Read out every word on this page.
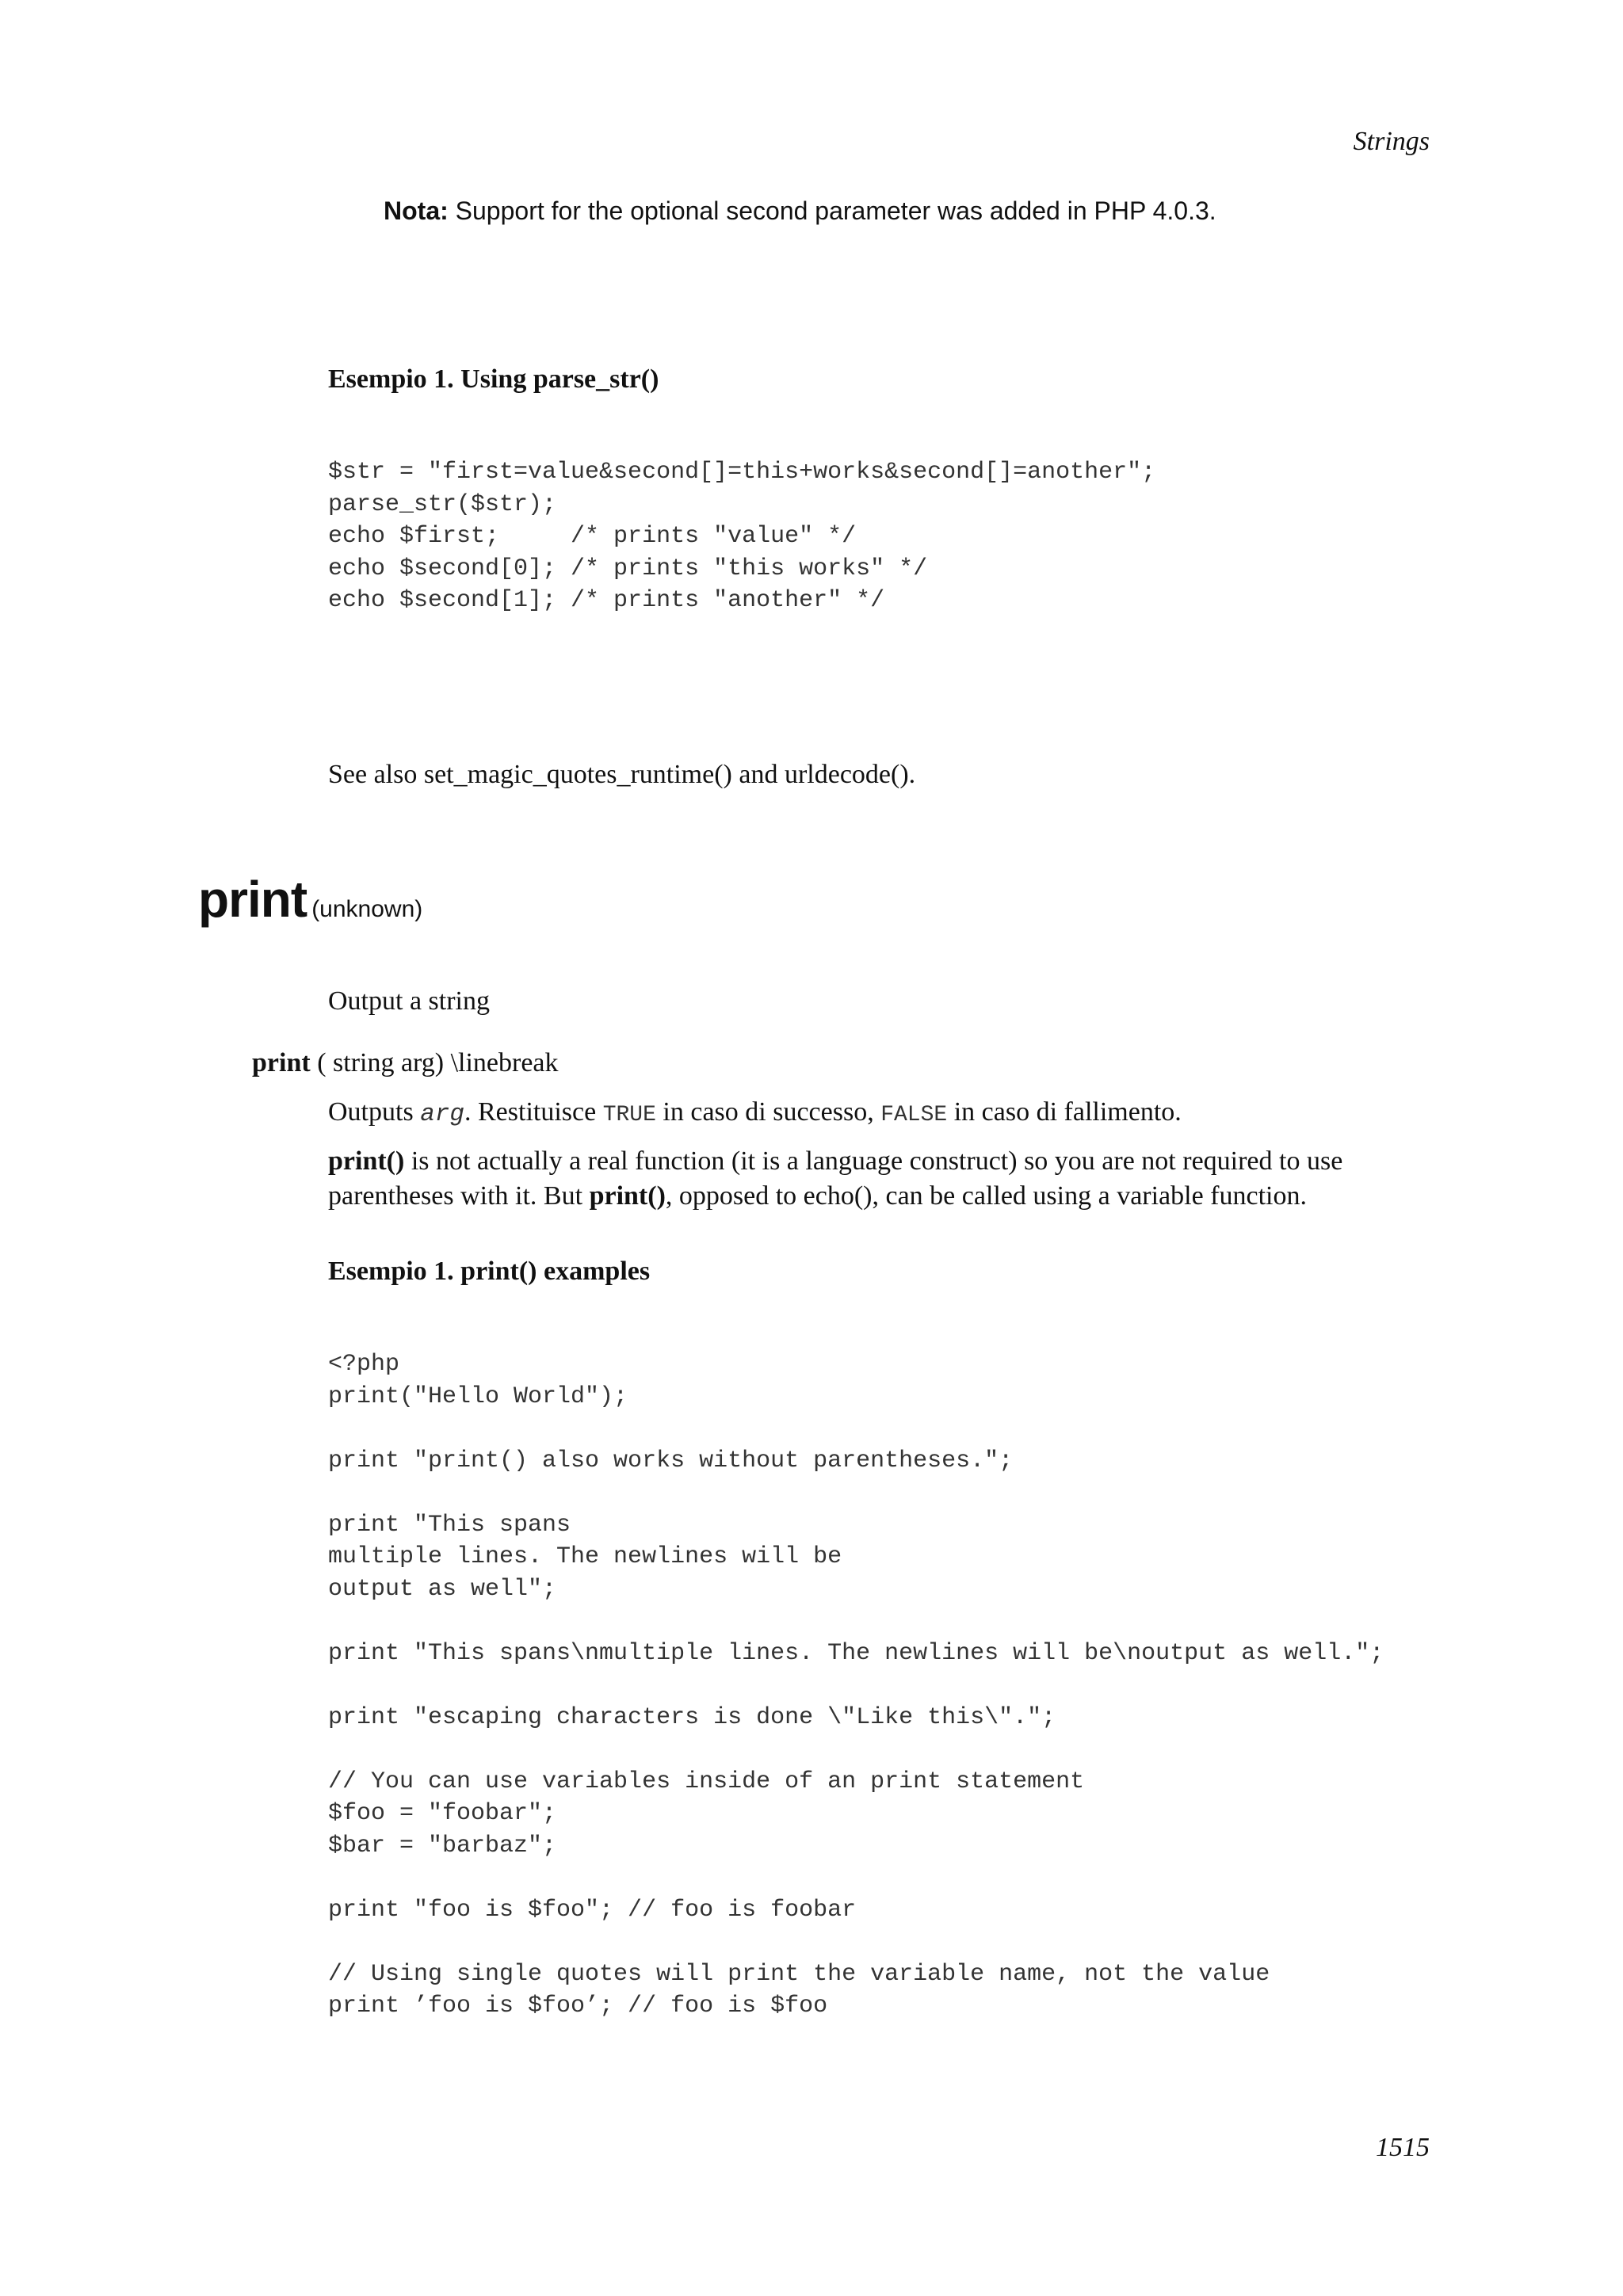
Strings
Nota: Support for the optional second parameter was added in PHP 4.0.3.
Esempio 1. Using parse_str()
$str = "first=value&second[]=this+works&second[]=another";
parse_str($str);
echo $first;     /* prints "value" */
echo $second[0]; /* prints "this works" */
echo $second[1]; /* prints "another" */
See also set_magic_quotes_runtime() and urldecode().
print (unknown)
Output a string
print ( string arg) \linebreak
Outputs arg. Restituisce TRUE in caso di successo, FALSE in caso di fallimento.
print() is not actually a real function (it is a language construct) so you are not required to use parentheses with it. But print(), opposed to echo(), can be called using a variable function.
Esempio 1. print() examples
<?php
print("Hello World");

print "print() also works without parentheses.";

print "This spans
multiple lines. The newlines will be
output as well";

print "This spans\nmultiple lines. The newlines will be\noutput as well.";

print "escaping characters is done \"Like this\".";

// You can use variables inside of an print statement
$foo = "foobar";
$bar = "barbaz";

print "foo is $foo"; // foo is foobar

// Using single quotes will print the variable name, not the value
print ’foo is $foo’; // foo is $foo
1515
